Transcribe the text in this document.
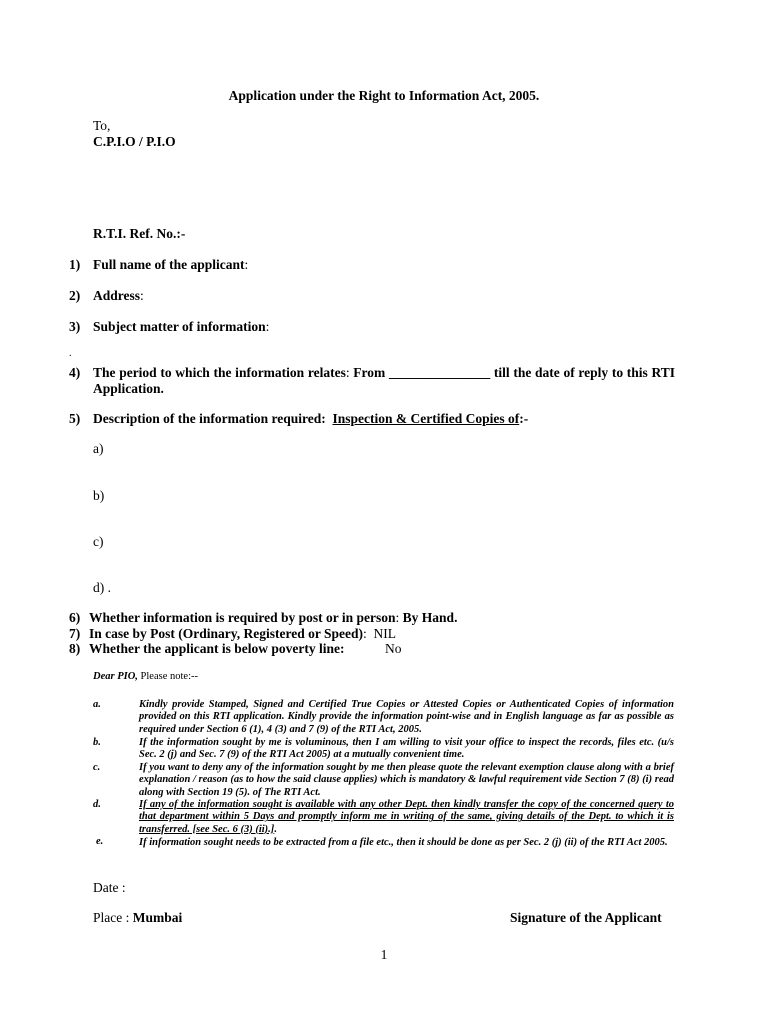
Application under the Right to Information Act, 2005.
To,
C.P.I.O / P.I.O
R.T.I. Ref. No.:-
1) Full name of the applicant:
2) Address:
3) Subject matter of information:
.
4) The period to which the information relates: From _______________ till the date of reply to this RTI Application.
5) Description of the information required: Inspection & Certified Copies of:-
a)
b)
c)
d) .
6) Whether information is required by post or in person: By Hand.
7) In case by Post (Ordinary, Registered or Speed): NIL
8) Whether the applicant is below poverty line:	No
Dear PIO, Please note:--
a.	Kindly provide Stamped, Signed and Certified True Copies or Attested Copies or Authenticated Copies of information provided on this RTI application. Kindly provide the information point-wise and in English language as far as possible as required under Section 6 (1), 4 (3) and 7 (9) of the RTI Act, 2005.
b.	If the information sought by me is voluminous, then I am willing to visit your office to inspect the records, files etc. (u/s Sec. 2 (j) and Sec. 7 (9) of the RTI Act 2005) at a mutually convenient time.
c.	If you want to deny any of the information sought by me then please quote the relevant exemption clause along with a brief explanation / reason (as to how the said clause applies) which is mandatory & lawful requirement vide Section 7 (8) (i) read along with Section 19 (5). of The RTI Act.
d.	If any of the information sought is available with any other Dept. then kindly transfer the copy of the concerned query to that department within 5 Days and promptly inform me in writing of the same, giving details of the Dept. to which it is transferred. [see Sec. 6 (3) (ii).].
e.	If information sought needs to be extracted from a file etc., then it should be done as per Sec. 2 (j) (ii) of the RTI Act 2005.
Date :
Place : Mumbai	Signature of the Applicant
1
